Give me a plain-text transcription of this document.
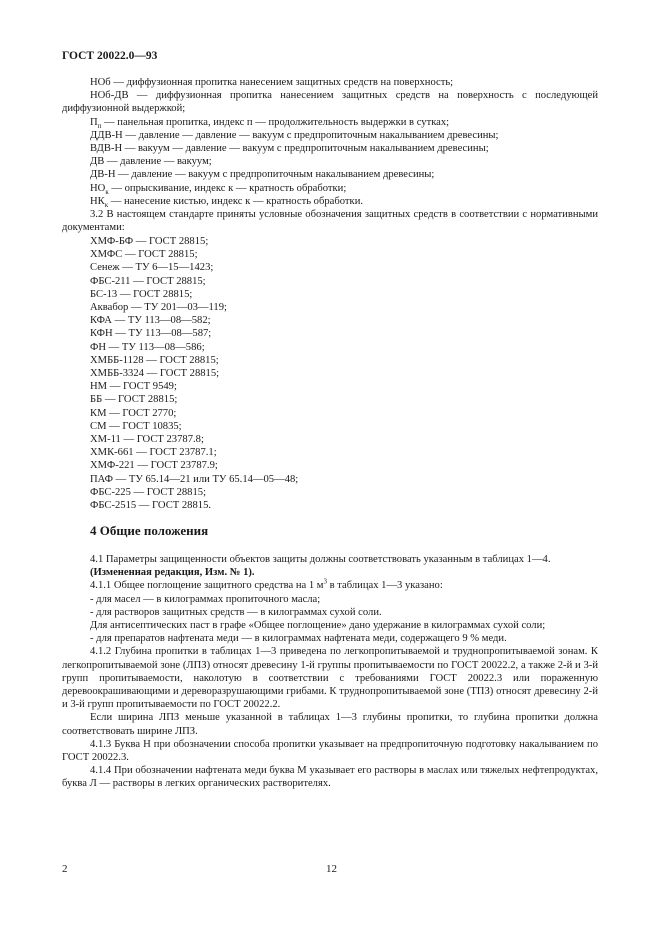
ГОСТ 20022.0—93
НОб — диффузионная пропитка нанесением защитных средств на поверхность;
НОб-ДВ — диффузионная пропитка нанесением защитных средств на поверхность с последующей диффузионной выдержкой;
$П_п$ — панельная пропитка, индекс п — продолжительность выдержки в сутках;
ДДВ-Н — давление — давление — вакуум с предпропиточным накалыванием древесины;
ВДВ-Н — вакуум — давление — вакуум с предпропиточным накалыванием древесины;
ДВ — давление — вакуум;
ДВ-Н — давление — вакуум с предпропиточным накалыванием древесины;
$НО_к$ — опрыскивание, индекс к — кратность обработки;
$НК_к$ — нанесение кистью, индекс к — кратность обработки.
3.2 В настоящем стандарте приняты условные обозначения защитных средств в соответствии с нормативными документами:
ХМФ-БФ — ГОСТ 28815;
ХМФС — ГОСТ 28815;
Сенеж — ТУ 6—15—1423;
ФБС-211 — ГОСТ 28815;
БС-13 — ГОСТ 28815;
Аквабор — ТУ 201—03—119;
КФА — ТУ 113—08—582;
КФН — ТУ 113—08—587;
ФН — ТУ 113—08—586;
ХМББ-1128 — ГОСТ 28815;
ХМББ-3324 — ГОСТ 28815;
НМ — ГОСТ 9549;
ББ — ГОСТ 28815;
КМ — ГОСТ 2770;
СМ — ГОСТ 10835;
ХМ-11 — ГОСТ 23787.8;
ХМК-661 — ГОСТ 23787.1;
ХМФ-221 — ГОСТ 23787.9;
ПАФ — ТУ 65.14—21 или ТУ 65.14—05—48;
ФБС-225 — ГОСТ 28815;
ФБС-2515 — ГОСТ 28815.
4 Общие положения
4.1 Параметры защищенности объектов защиты должны соответствовать указанным в таблицах 1—4.
(Измененная редакция, Изм. № 1).
4.1.1 Общее поглощение защитного средства на 1 $м^3$ в таблицах 1—3 указано:
- для масел — в килограммах пропиточного масла;
- для растворов защитных средств — в килограммах сухой соли.
Для антисептических паст в графе «Общее поглощение» дано удержание в килограммах сухой соли;
- для препаратов нафтената меди — в килограммах нафтената меди, содержащего 9 % меди.
4.1.2 Глубина пропитки в таблицах 1—3 приведена по легкопропитываемой и труднопропитываемой зонам. К легкопропитываемой зоне (ЛПЗ) относят древесину 1-й группы пропитываемости по ГОСТ 20022.2, а также 2-й и 3-й групп пропитываемости, наколотую в соответствии с требованиями ГОСТ 20022.3 или пораженную деревоокрашивающими и дереворазрушающими грибами. К труднопропитываемой зоне (ТПЗ) относят древесину 2-й и 3-й групп пропитываемости по ГОСТ 20022.2.
Если ширина ЛПЗ меньше указанной в таблицах 1—3 глубины пропитки, то глубина пропитки должна соответствовать ширине ЛПЗ.
4.1.3 Буква Н при обозначении способа пропитки указывает на предпропиточную подготовку накалыванием по ГОСТ 20022.3.
4.1.4 При обозначении нафтената меди буква М указывает его растворы в маслах или тяжелых нефтепродуктах, буква Л — растворы в легких органических растворителях.
2	12
